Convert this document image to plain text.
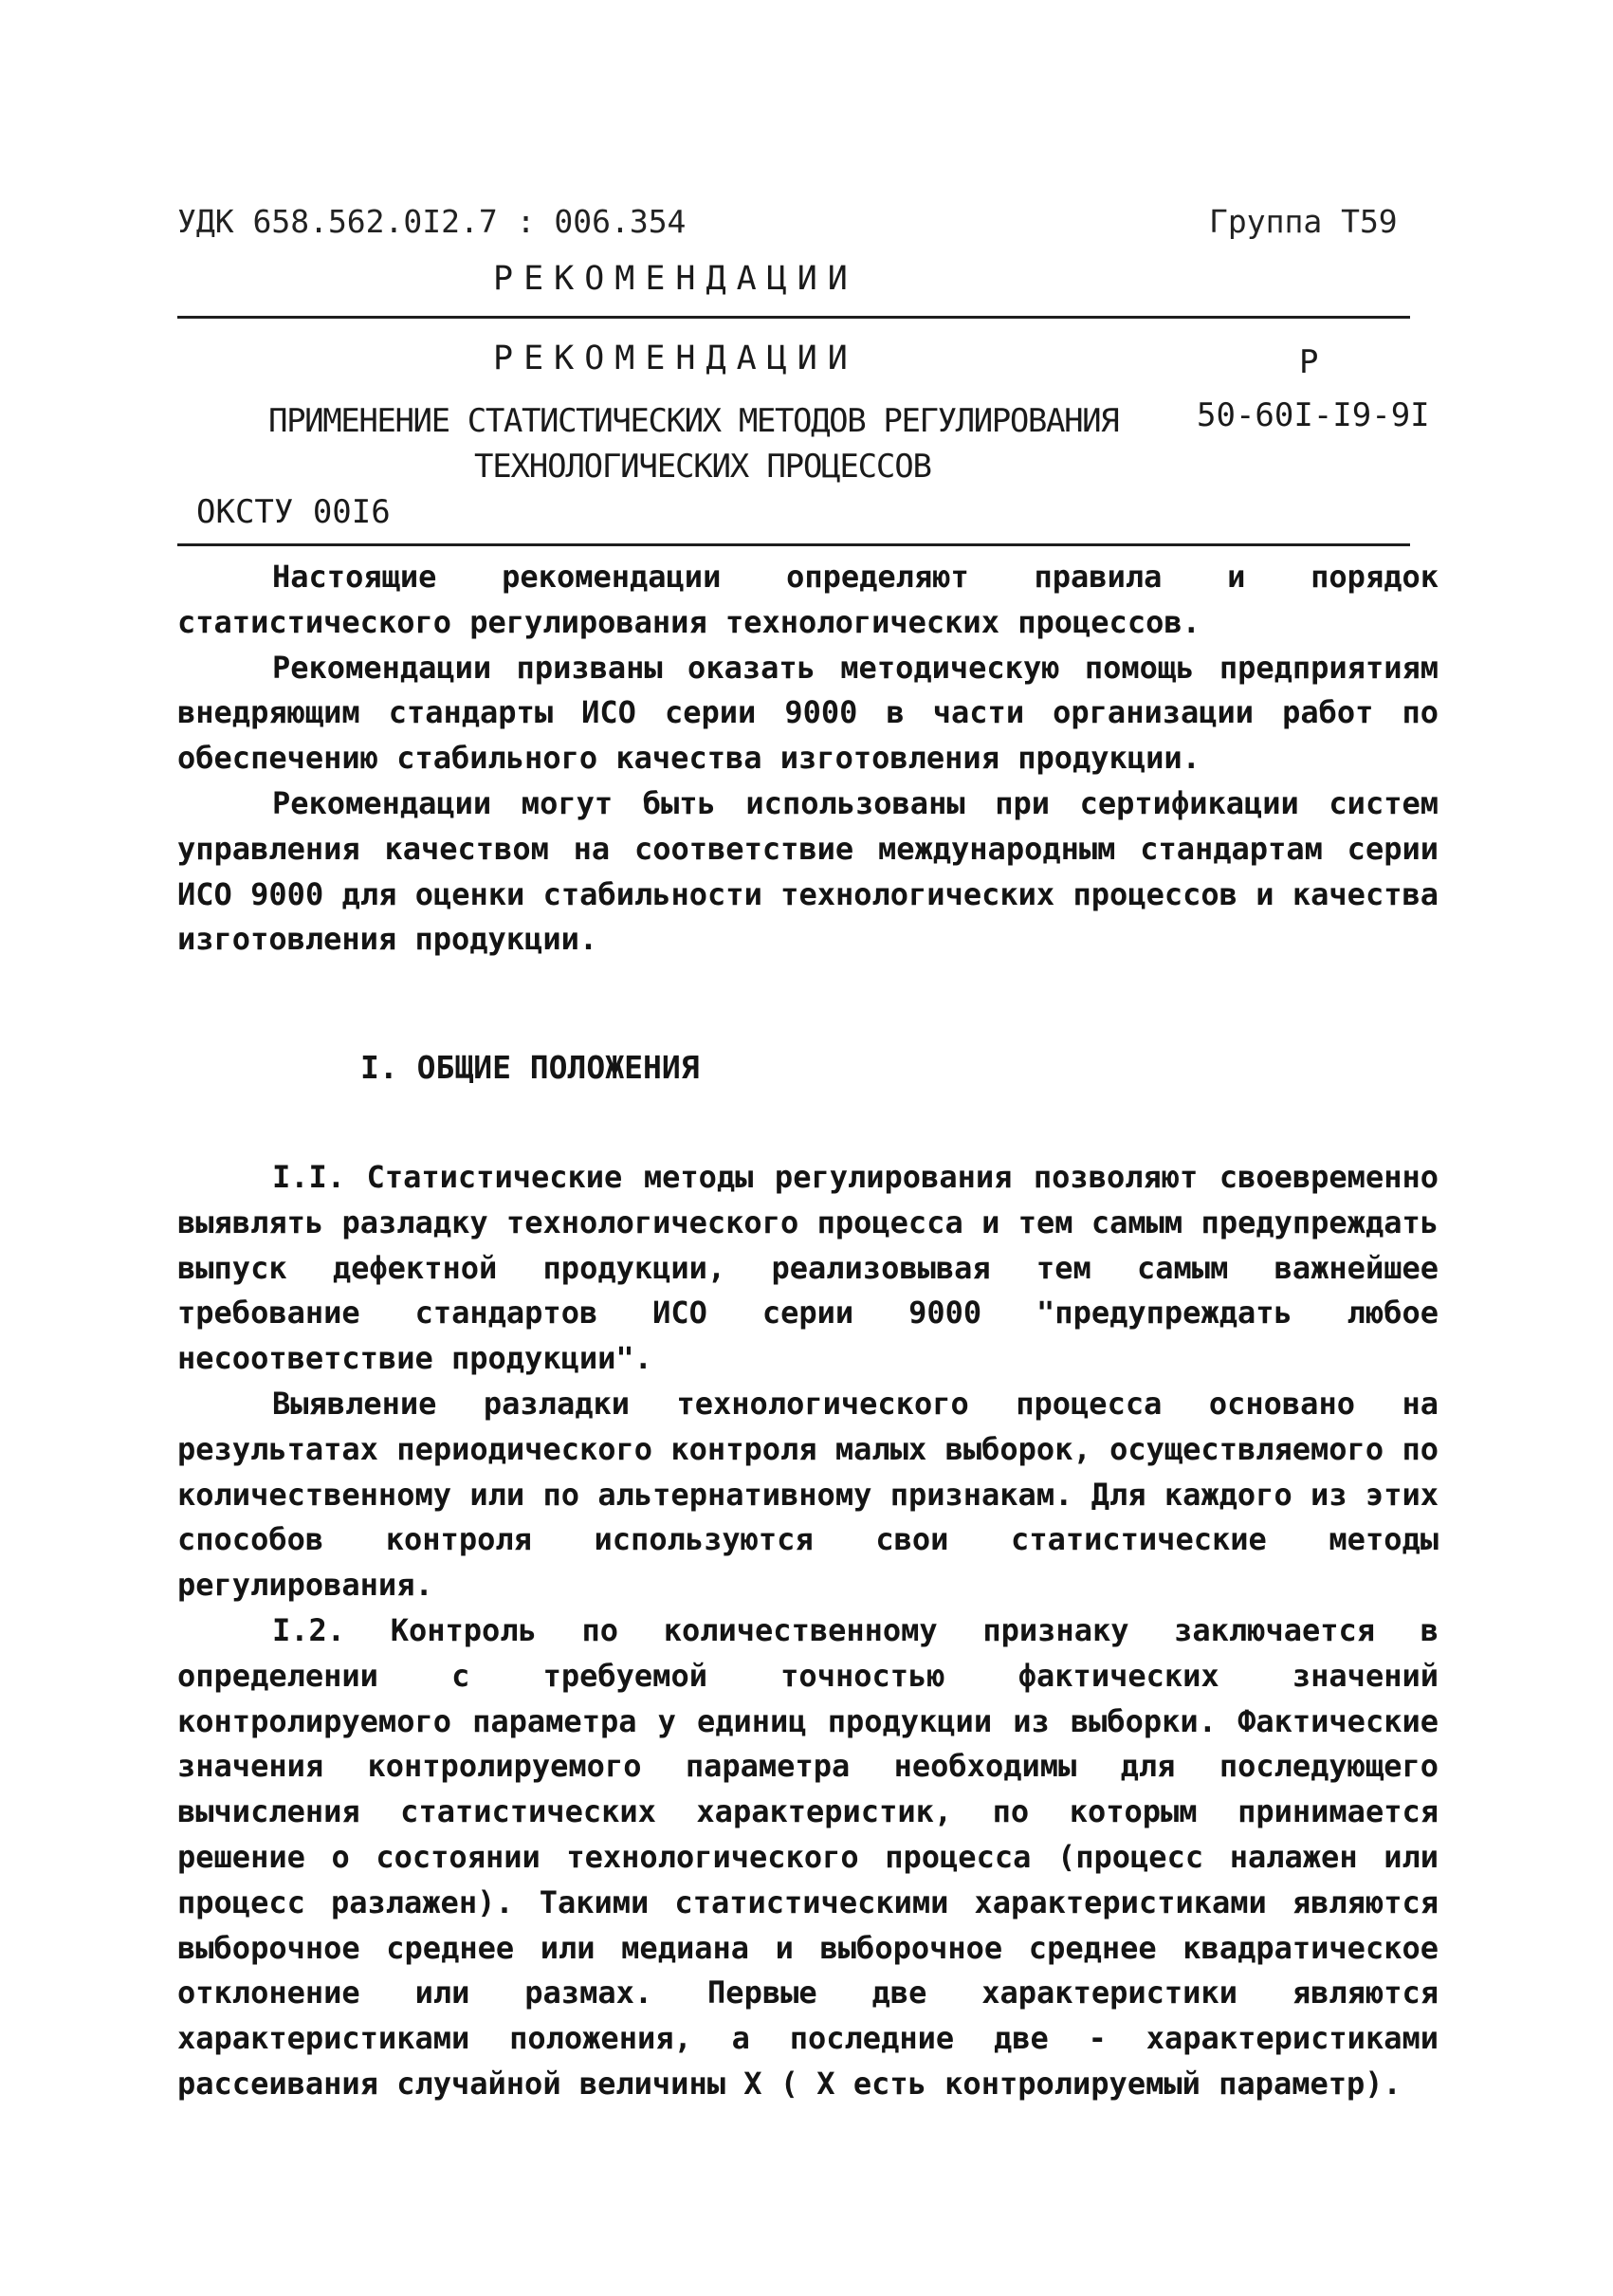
УДК 658.562.0I2.7 : 006.354	Группа Т59
РЕКОМЕНДАЦИИ
РЕКОМЕНДАЦИИ	Р
ПРИМЕНЕНИЕ СТАТИСТИЧЕСКИХ МЕТОДОВ РЕГУЛИРОВАНИЯ 50-60I-I9-9I
ТЕХНОЛОГИЧЕСКИХ ПРОЦЕССОВ
ОКСТУ 00I6

Настоящие рекомендации определяют правила и порядок статистического регулирования технологических процессов.

Рекомендации призваны оказать методическую помощь предприятиям внедряющим стандарты ИСО серии 9000 в части организации работ по обеспечению стабильного качества изготовления продукции.

Рекомендации могут быть использованы при сертификации систем управления качеством на соответствие международным стандартам серии ИСО 9000 для оценки стабильности технологических процессов и качества изготовления продукции.

I. ОБЩИЕ ПОЛОЖЕНИЯ

I.I. Статистические методы регулирования позволяют своевременно выявлять разладку технологического процесса и тем самым предупреждать выпуск дефектной продукции, реализовывая тем самым важнейшее требование стандартов ИСО серии 9000 "предупреждать любое несоответствие продукции".

Выявление разладки технологического процесса основано на результатах периодического контроля малых выборок, осуществляемого по количественному или по альтернативному признакам. Для каждого из этих способов контроля используются свои статистические методы регулирования.

I.2. Контроль по количественному признаку заключается в определении с требуемой точностью фактических значений контролируемого параметра у единиц продукции из выборки. Фактические значения контролируемого параметра необходимы для последующего вычисления статистических характеристик, по которым принимается решение о состоянии технологического процесса (процесс налажен или процесс разлажен). Такими статистическими характеристиками являются выборочное среднее или медиана и выборочное среднее квадратическое отклонение или размах. Первые две характеристики являются характеристиками положения, а последние две - характеристиками рассеивания случайной величины X ( X есть контролируемый параметр).
